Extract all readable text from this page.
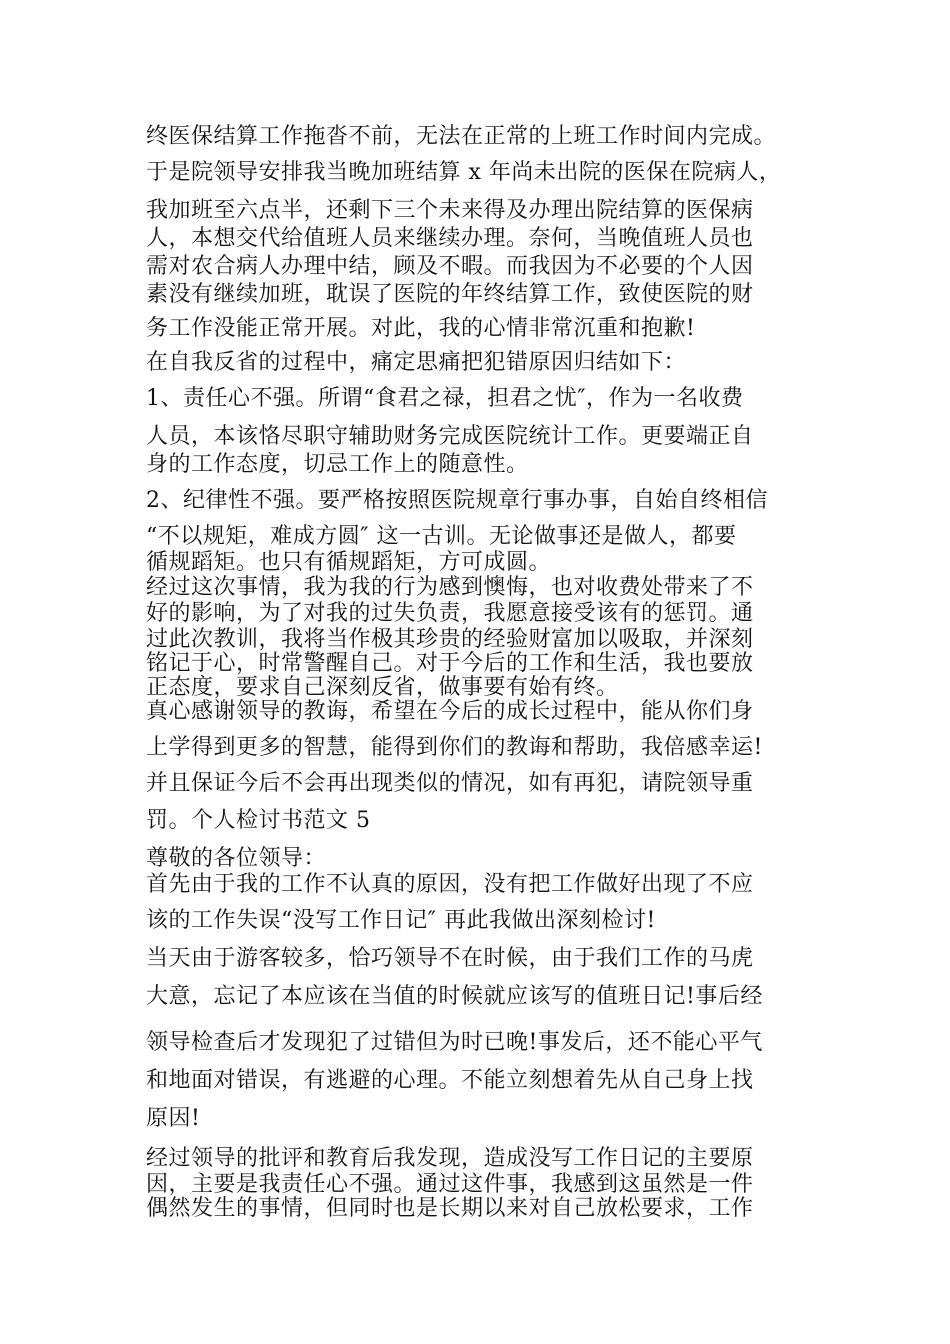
终医保结算工作拖沓不前，无法在正常的上班工作时间内完成。
于是院领导安排我当晚加班结算 x 年尚未出院的医保在院病人，
我加班至六点半，还剩下三个未来得及办理出院结算的医保病
人，本想交代给值班人员来继续办理。奈何，当晚值班人员也
需对农合病人办理中结，顾及不暇。而我因为不必要的个人因
素没有继续加班，耽误了医院的年终结算工作，致使医院的财
务工作没能正常开展。对此，我的心情非常沉重和抱歉!
在自我反省的过程中，痛定思痛把犯错原因归结如下：
1、责任心不强。所谓“食君之禄，担君之忧″，作为一名收费
人员，本该恪尽职守辅助财务完成医院统计工作。更要端正自
身的工作态度，切忌工作上的随意性。
2、纪律性不强。要严格按照医院规章行事办事，自始自终相信
“不以规矩，难成方圆″ 这一古训。无论做事还是做人，都要
循规蹈矩。也只有循规蹈矩，方可成圆。
经过这次事情，我为我的行为感到懊悔，也对收费处带来了不
好的影响，为了对我的过失负责，我愿意接受该有的惩罚。通
过此次教训，我将当作极其珍贵的经验财富加以吸取，并深刻
铭记于心，时常警醒自己。对于今后的工作和生活，我也要放
正态度，要求自己深刻反省，做事要有始有终。
真心感谢领导的教诲，希望在今后的成长过程中，能从你们身
上学得到更多的智慧，能得到你们的教诲和帮助，我倍感幸运!
并且保证今后不会再出现类似的情况，如有再犯，请院领导重
罚。个人检讨书范文 5
尊敬的各位领导：
首先由于我的工作不认真的原因，没有把工作做好出现了不应
该的工作失误“没写工作日记″ 再此我做出深刻检讨!
当天由于游客较多，恰巧领导不在时候，由于我们工作的马虎
大意，忘记了本应该在当值的时候就应该写的值班日记!事后经
领导检查后才发现犯了过错但为时已晚!事发后，还不能心平气
和地面对错误，有逃避的心理。不能立刻想着先从自己身上找
原因!
经过领导的批评和教育后我发现，造成没写工作日记的主要原
因，主要是我责任心不强。通过这件事，我感到这虽然是一件
偶然发生的事情，但同时也是长期以来对自己放松要求，工作
